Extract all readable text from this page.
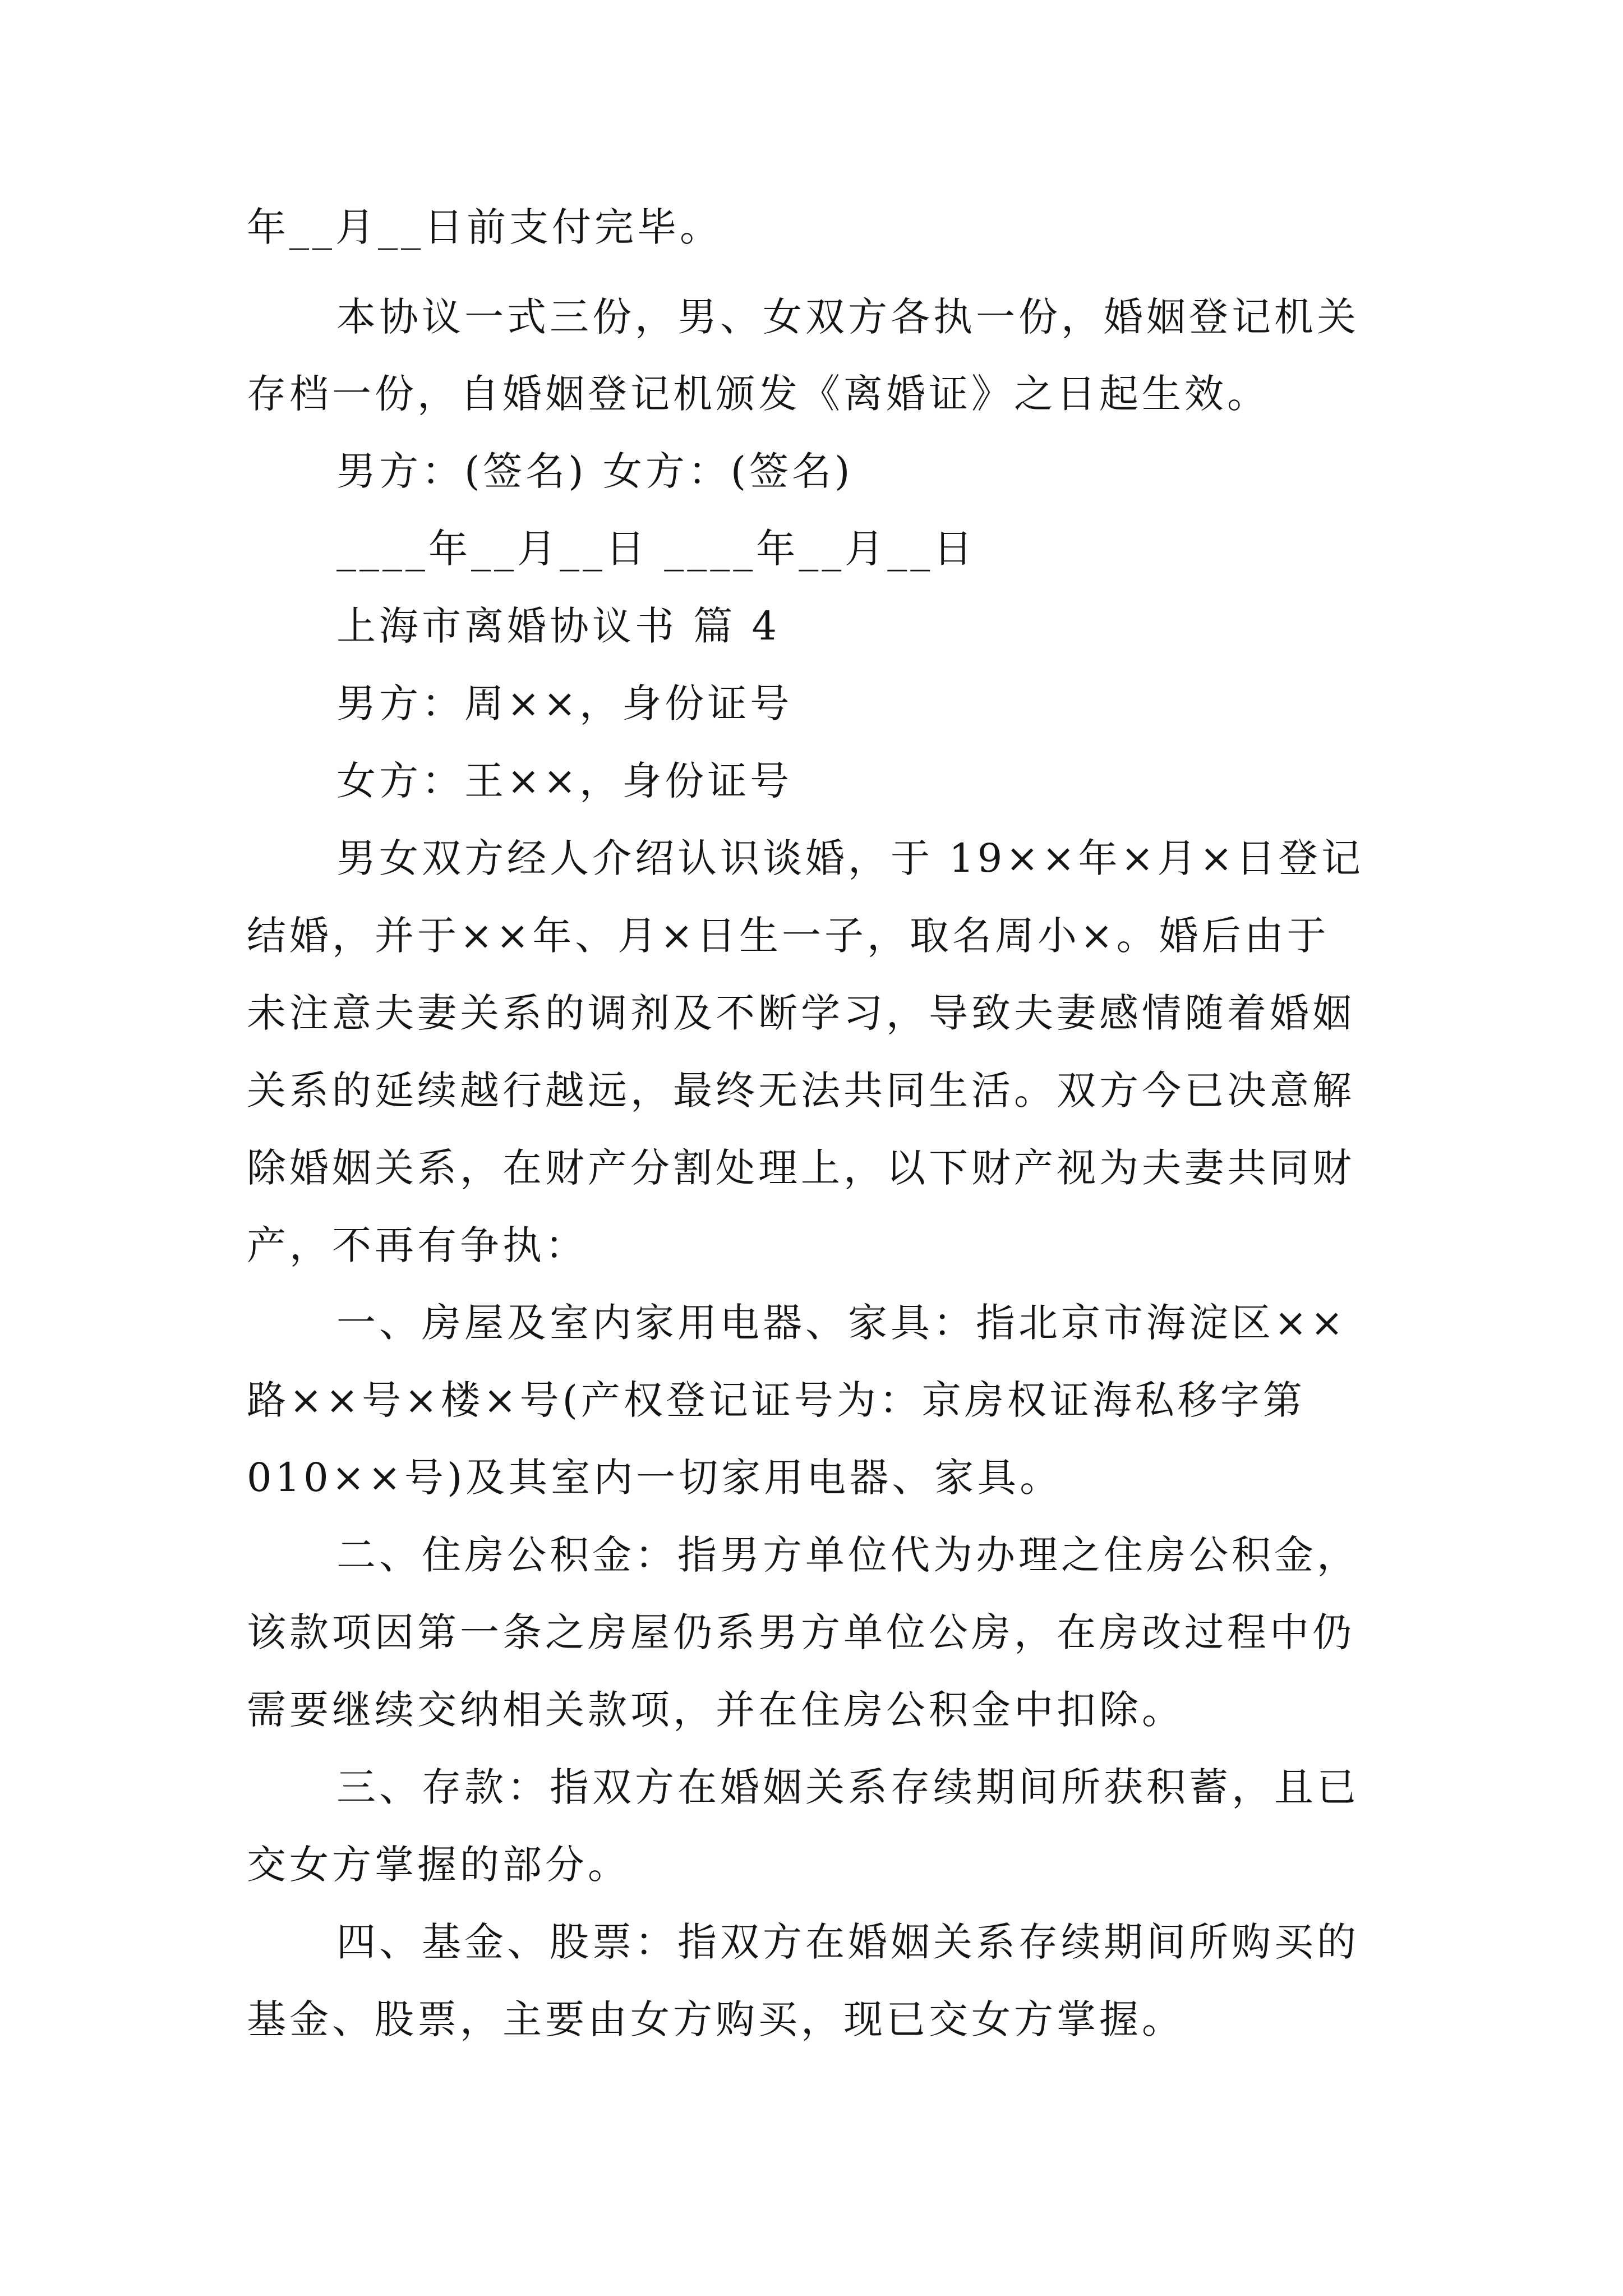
年__月__日前支付完毕。
本协议一式三份，男、女双方各执一份，婚姻登记机关
存档一份，自婚姻登记机颁发《离婚证》之日起生效。
男方：(签名) 女方：(签名)
____年__月__日 ____年__月__日
上海市离婚协议书 篇 4
男方：周××，身份证号
女方：王××，身份证号
男女双方经人介绍认识谈婚，于 19××年×月×日登记
结婚，并于××年、月×日生一子，取名周小×。婚后由于
未注意夫妻关系的调剂及不断学习，导致夫妻感情随着婚姻
关系的延续越行越远，最终无法共同生活。双方今已决意解
除婚姻关系，在财产分割处理上，以下财产视为夫妻共同财
产，不再有争执：
一、房屋及室内家用电器、家具：指北京市海淀区××
路××号×楼×号(产权登记证号为：京房权证海私移字第
010××号)及其室内一切家用电器、家具。
二、住房公积金：指男方单位代为办理之住房公积金，
该款项因第一条之房屋仍系男方单位公房，在房改过程中仍
需要继续交纳相关款项，并在住房公积金中扣除。
三、存款：指双方在婚姻关系存续期间所获积蓄，且已
交女方掌握的部分。
四、基金、股票：指双方在婚姻关系存续期间所购买的
基金、股票，主要由女方购买，现已交女方掌握。
